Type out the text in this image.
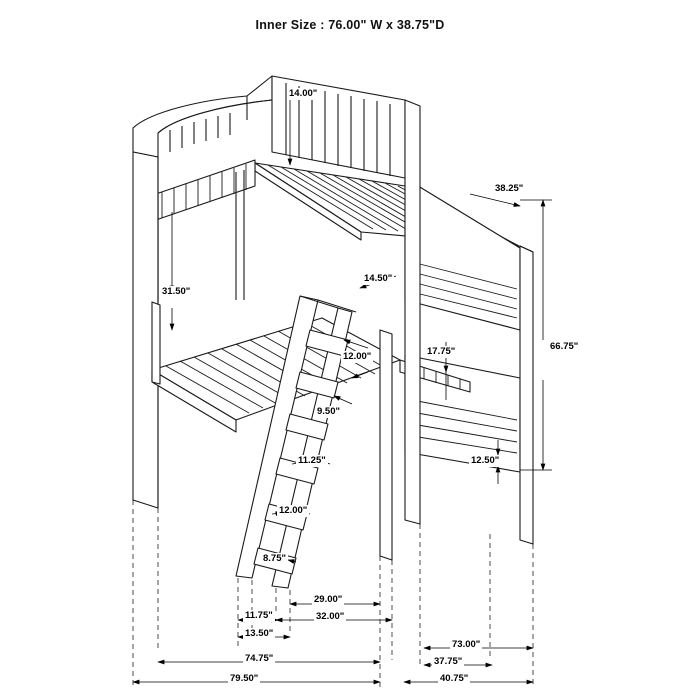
Inner Size : 76.00" W x 38.75"D
14.00"
38.25"
31.50"
14.50"
12.00"
9.50"
11.25"
12.00"
8.75"
17.75"	66.75"
12.50"
11.75"
13.50"
29.00"
32.00"
73.00"
37.75"
74.75"
79.50"	40.75"
